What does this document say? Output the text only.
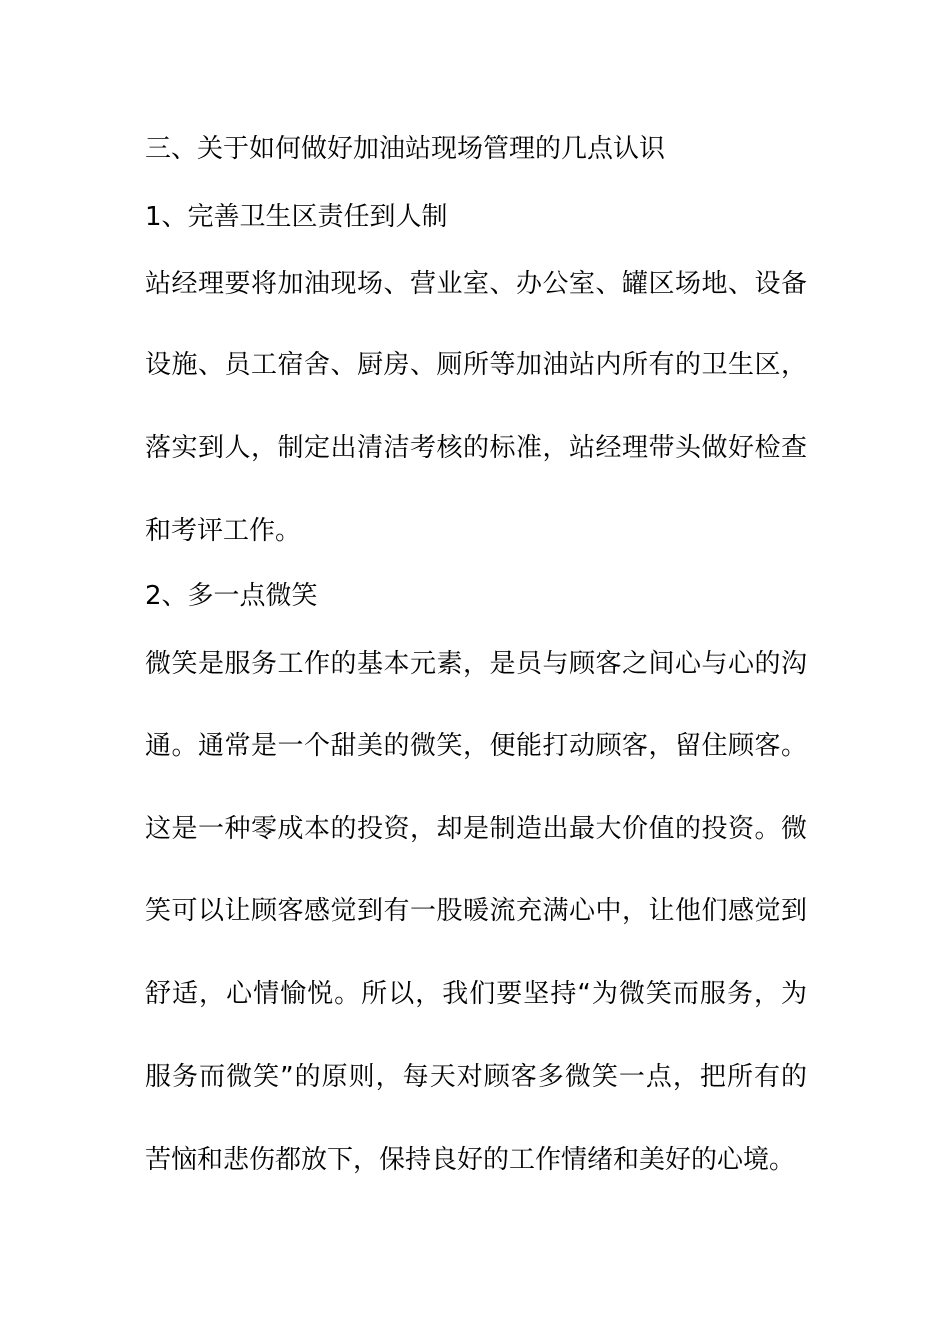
三、关于如何做好加油站现场管理的几点认识
1、完善卫生区责任到人制
站经理要将加油现场、营业室、办公室、罐区场地、设备
设施、员工宿舍、厨房、厕所等加油站内所有的卫生区，
落实到人，制定出清洁考核的标准，站经理带头做好检查
和考评工作。
2、多一点微笑
微笑是服务工作的基本元素，是员与顾客之间心与心的沟
通。通常是一个甜美的微笑，便能打动顾客，留住顾客。
这是一种零成本的投资，却是制造出最大价值的投资。微
笑可以让顾客感觉到有一股暖流充满心中，让他们感觉到
舒适，心情愉悦。所以，我们要坚持“为微笑而服务，为
服务而微笑”的原则，每天对顾客多微笑一点，把所有的
苦恼和悲伤都放下，保持良好的工作情绪和美好的心境。
